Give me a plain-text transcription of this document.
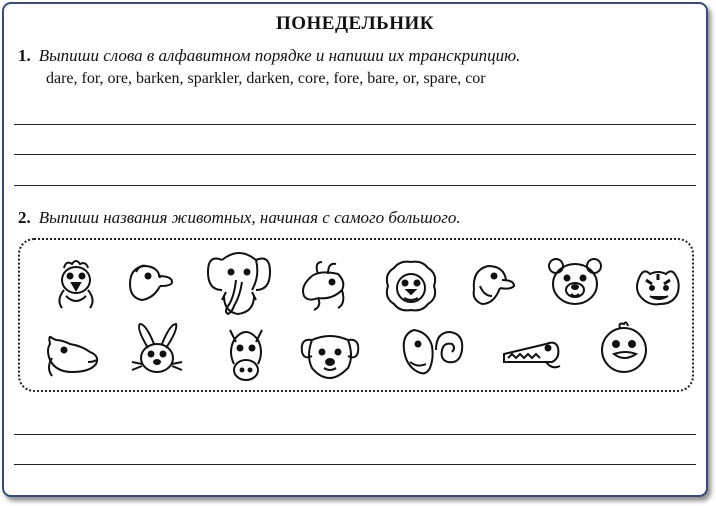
ПОНЕДЕЛЬНИК
1. Выпиши слова в алфавитном порядке и напиши их транскрипцию.
dare, for, ore, barken, sparkler, darken, core, fore, bare, or, spare, cor
2. Выпиши названия животных, начиная с самого большого.
